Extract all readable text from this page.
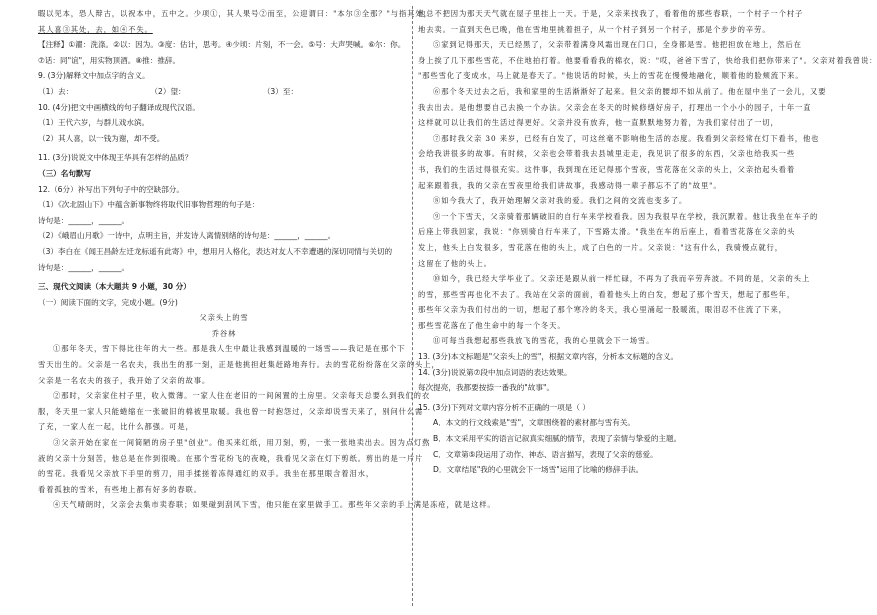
暇以见本，恐人辩古，以祝本中，五中之。少项①，其人果号②而至，公迎谓曰："本尔③全那？"与指其处，
其人喜③其处，去，如④不失。
【注释】①濯：洗涤。②以：因为。③度：估计，思考。④少顷：片刻，不一会。⑤号：大声哭喊。⑥尔：你。⑦话：同"谊"，用实物顶酒。⑧推：推辞。
9. (3分)解释文中加点字的含义。
（1）去：	（2）望：	（3）至：
10. (4分)把文中画横线的句子翻译成现代汉语。
（1）王代六岁，与群儿戏水滨。
（2）其人喜，以一钱为谢，却不受。
11. (3分)说说文中体现王华具有怎样的品质？
（三）名句默写
12.（6分）补写出下列句子中的空缺部分。
（1）《次北固山下》中蕴含新事物终将取代旧事物哲理的句子是：
诗句是：______，______。
（2）《峨眉山月歌》一诗中，点明主旨，并发诗人离情别绪的诗句是：______，______。
（3）李白在《闻王昌龄左迁龙标遥有此寄》中，想用月人格化，表达对友人不幸遭遇的深切同情与关切的
诗句是：______，______。
三、现代文阅读（本大题共 9 小题，30 分）
（一）阅读下面的文字，完成小题。(9分)
父亲头上的雪
乔谷林
①那年冬天，雪下得比往年的大一些。那是我人生中最让我感到温暖的一场雪——我记是在那个下
雪天出生的。父亲是一名农夫，我出生的那一刻，正是他挑担赶集赶路地奔行。去的雪花纷纷落在父亲的头上，
父亲是一名农夫的孩子，我开始了父亲的故事。
②那时，父亲家住村子里，收入微薄。一家人住在老旧的一间闲置的土房里。父亲每天总要么到我们的衣
服，冬天里一家人只能蜷缩在一张破旧的棉被里取暖。我也曾一时抱怨过，父亲却说雪天来了，别问什么需
了充，一家人在一起，比什么都强。可是，
③父亲开始在家在一间简陋的房子里"创业"。他买来红纸，用刀刻，剪，一张一张地卖出去。因为点灯熬
液的父亲十分刻苦，他总是在作到很晚。在那个雪花纷飞的夜晚，我看见父亲在灯下剪纸。剪出的是一片片
的雪花。我看见父亲放下手里的剪刀，用手揉搓着冻得通红的双手。我坐在那里眼含着泪水，
看着孤独的雪米，有些地上都有好多的春联。
④天气晴朗时，父亲会去集市卖春联；如果碰到刮风下雪，他只能在家里做手工。那些年父亲的手上满是冻疮，就是这样。
他总不把因为那天天气就在屋子里挂上一天。于是，父亲来找我了，看着他的那些春联，一个村子一个村子
地去卖。一直到天色已晚，他在雪地里挑着担子，从一个村子到另一个村子，那是个步步的辛劳。
⑤家到记得那天，天已经黑了，父亲带着满身风霜出现在门口，全身都是雪。他把担放在地上，然后在
身上挨了几下那些雪花，不住地拍打着。他要看看我的棉衣，说："哎，爸爸下雪了，快给我们把你带来了"。父亲对着我曾说：
"那些雪化了变成水，马上就是春天了。"他说话的时候，头上的雪花在慢慢地融化，顺着他的脸颊流下来。
⑥那个冬天过去之后，我和家里的生活渐渐好了起来。但父亲的腰却不如从前了。他在屋中坐了一会儿，又要
我去出去。是他想要自己去换一个办法。父亲会在冬天的时候修缮好房子，打理出一个小小的园子，十年一直
这样就可以让我们的生活过得更好。父亲并没有放弃，他一直默默地努力着，为我们家付出了一切，
⑦那时我父亲 30 来岁，已经有白发了，可这丝毫不影响他生活的态度。我看到父亲经常在灯下看书，他也
会给我讲很多的故事。有时候，父亲也会带着我去县城里走走，我见识了很多的东西，父亲也给我买一些
书，我们的生活过得很充实。这件事，我到现在还记得那个雪夜，雪花落在父亲的头上，父亲抬起头看着
起来跟着我，我的父亲在雪夜里给我们讲故事，我感动得一辈子都忘不了的"故里"。
⑧如今我大了，我开始理解父亲对我的爱。我们之间的交流也变多了。
⑨一个下雪天，父亲骑着那辆破旧的自行车来学校看我。因为我很早在学校，我沉默着。他让我坐在车子的
后座上带我回家，我说："你别骑自行车来了，下雪路太滑。"我坐在车的后座上，看着雪花落在父亲的头
发上，他头上白发很多，雪花落在他的头上，成了白色的一片。父亲说："这有什么，我骑慢点就行，
这留在了他的头上。
⑩如今，我已经大学毕业了。父亲还是跟从前一样忙碌，不再为了我而辛劳奔波。不同的是，父亲的头上
的雪，那些雪再也化不去了。我站在父亲的面前，看着他头上的白发，想起了那个雪天，想起了那些年，
那些年父亲为我们付出的一切，想起了那个寒冷的冬天，我心里涌起一股暖流，眼泪忍不住流了下来，
那些雪花落在了他生命中的每一个冬天。
⑪可每当我想起那些我放飞的雪花，我的心里就会下一场雪。
13. (3分)本文标题是"父亲头上的雪"，根据文章内容，分析本文标题的含义。
14. (3分)说说第⑦段中加点词语的表达效果。
每次提亮，我都要按捺一番我的"故事"。
15. (3分)下列对文章内容分析不正确的一项是（ ）
A．本文的行文线索是"雪"，文章围绕着的素材都与雪有关。
B．本文采用平实的语言记叙真实细腻的情节，表现了亲情与挚爱的主题。
C．文章第⑤段运用了动作、神态、语言描写，表现了父亲的慈爱。
D．文章结尾"我的心里就会下一场雪"运用了比喻的修辞手法。
